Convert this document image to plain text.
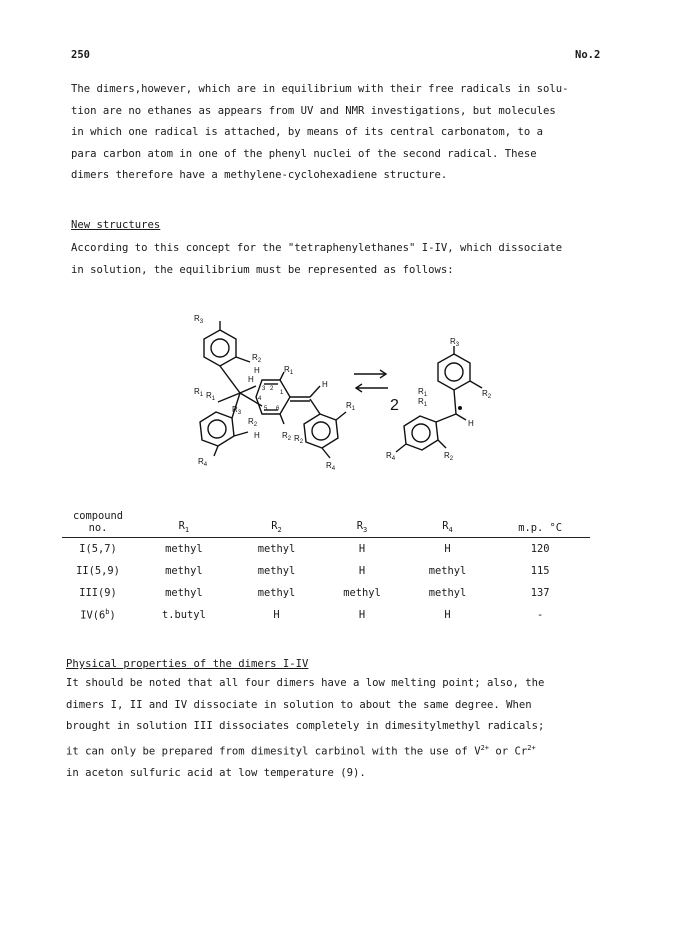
250	No.2
The dimers,however, which are in equilibrium with their free radicals in solu-
tion are no ethanes as appears from UV and NMR investigations, but molecules
in which one radical is attached, by means of its central carbonatom, to a
para carbon atom in one of the phenyl nuclei of the second radical. These
dimers therefore have a methylene-cyclohexadiene structure.
New structures
According to this concept for the "tetraphenylethanes" I-IV, which dissociate
in solution, the equilibrium must be represented as follows:
$R_3$
$R_2$
H
H
$R_1$ $R_1$
$R_3$
$R_2$
H
$R_1$
$R_2$ $R_2$
H
$R_1$
$R_4$	$R_4$
1
2
3
4
5 6	2
$R_3$
$R_2$
$R_1$
$R_1$
H
$R_4$	$R_2$
compound
no.	$R_1$	$R_2$	$R_3$	$R_4$	m.p. °C
I(5,7)	methyl	methyl	H	H	120
II(5,9)	methyl	methyl	H	methyl	115
III(9)	methyl	methyl	methyl	methyl	137
IV(6$^b$)	t.butyl	H	H	H	-
Physical properties of the dimers I-IV
It should be noted that all four dimers have a low melting point; also, the
dimers I, II and IV dissociate in solution to about the same degree. When
brought in solution III dissociates completely in dimesitylmethyl radicals;
it can only be prepared from dimesityl carbinol with the use of $V^{2+}$ or $Cr^{2+}$
in aceton sulfuric acid at low temperature (9).
